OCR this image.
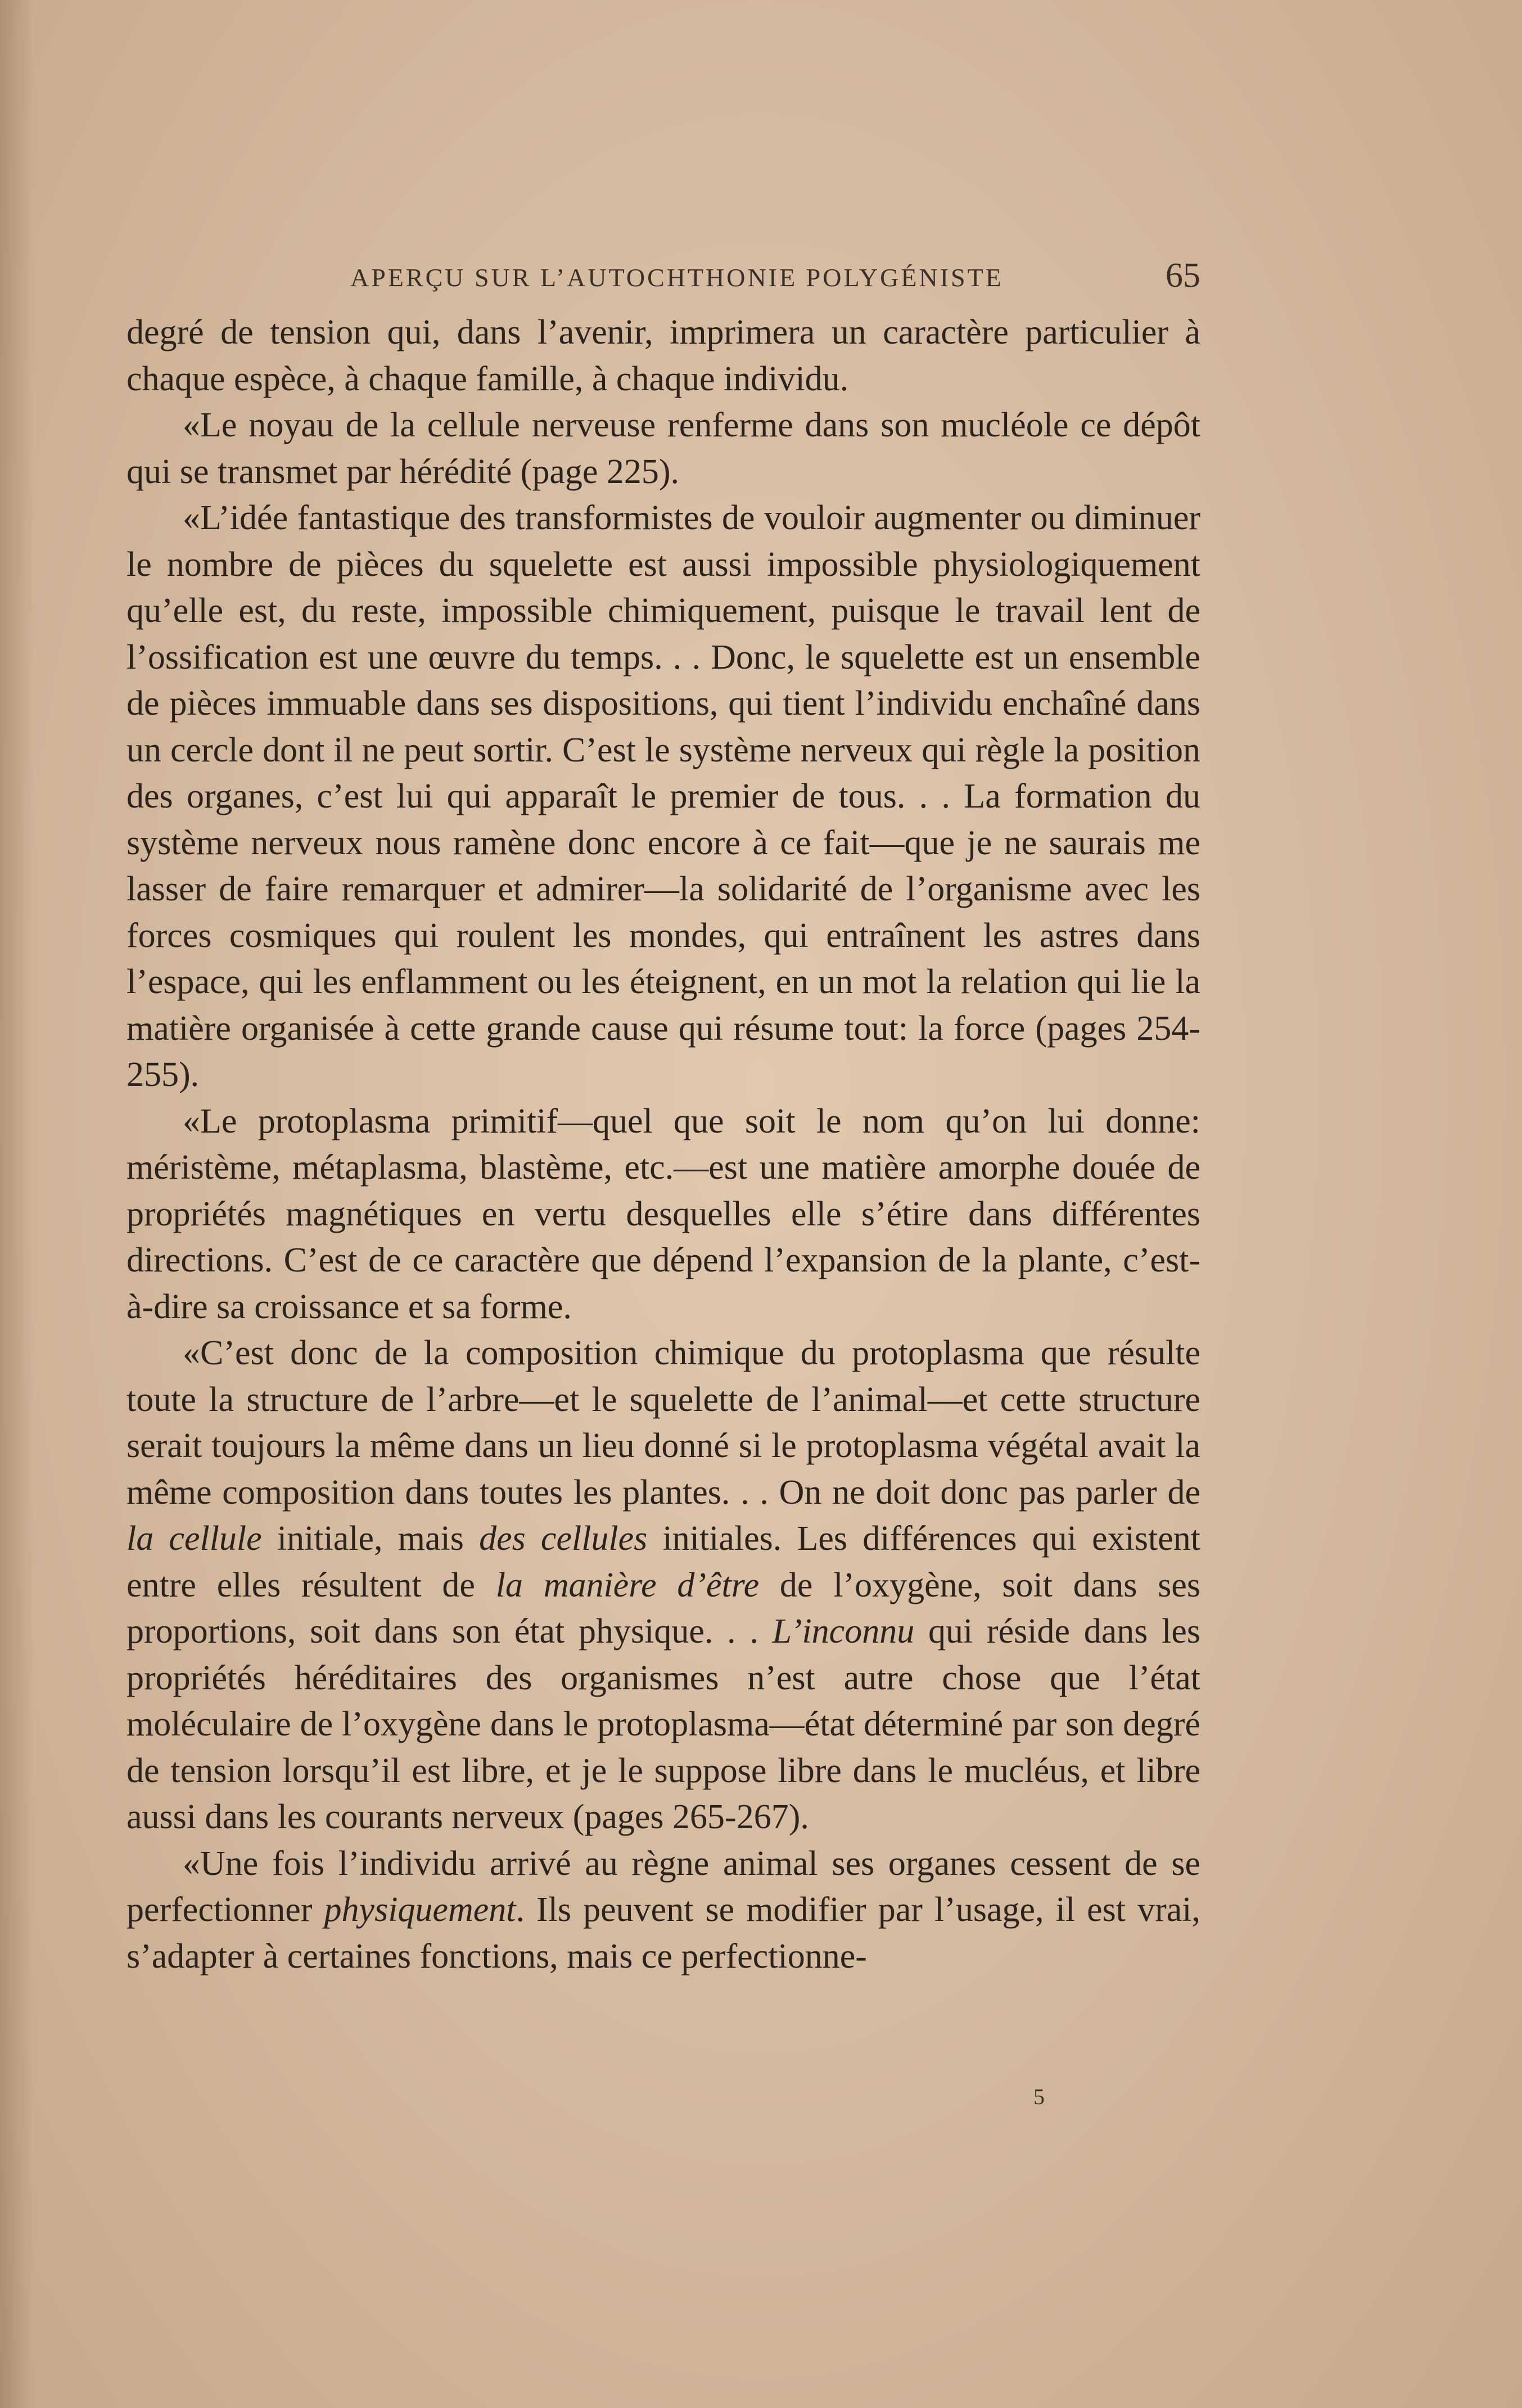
APERÇU SUR L’AUTOCHTHONIE POLYGÉNISTE	65

degré de tension qui, dans l’avenir, imprimera un caractère particulier à chaque espèce, à chaque famille, à chaque individu.

«Le noyau de la cellule nerveuse renferme dans son mucléole ce dépôt qui se transmet par hérédité (page 225).

«L’idée fantastique des transformistes de vouloir augmenter ou diminuer le nombre de pièces du squelette est aussi impossible physiologiquement qu’elle est, du reste, impossible chimiquement, puisque le travail lent de l’ossification est une œuvre du temps. . . Donc, le squelette est un ensemble de pièces immuable dans ses dispositions, qui tient l’individu enchaîné dans un cercle dont il ne peut sortir. C’est le système nerveux qui règle la position des organes, c’est lui qui apparaît le premier de tous. . . La formation du système nerveux nous ramène donc encore à ce fait—que je ne saurais me lasser de faire remarquer et admirer—la solidarité de l’organisme avec les forces cosmiques qui roulent les mondes, qui entraînent les astres dans l’espace, qui les enflamment ou les éteignent, en un mot la relation qui lie la matière organisée à cette grande cause qui résume tout: la force (pages 254-255).

«Le protoplasma primitif—quel que soit le nom qu’on lui donne: méristème, métaplasma, blastème, etc.—est une matière amorphe douée de propriétés magnétiques en vertu desquelles elle s’étire dans différentes directions. C’est de ce caractère que dépend l’expansion de la plante, c’est-à-dire sa croissance et sa forme.

«C’est donc de la composition chimique du protoplasma que résulte toute la structure de l’arbre—et le squelette de l’animal—et cette structure serait toujours la même dans un lieu donné si le protoplasma végétal avait la même composition dans toutes les plantes. . . On ne doit donc pas parler de la cellule initiale, mais des cellules initiales. Les différences qui existent entre elles résultent de la manière d’être de l’oxygène, soit dans ses proportions, soit dans son état physique. . . L’inconnu qui réside dans les propriétés héréditaires des organismes n’est autre chose que l’état moléculaire de l’oxygène dans le protoplasma—état déterminé par son degré de tension lorsqu’il est libre, et je le suppose libre dans le mucléus, et libre aussi dans les courants nerveux (pages 265-267).

«Une fois l’individu arrivé au règne animal ses organes cessent de se perfectionner physiquement. Ils peuvent se modifier par l’usage, il est vrai, s’adapter à certaines fonctions, mais ce perfectionne-

5
